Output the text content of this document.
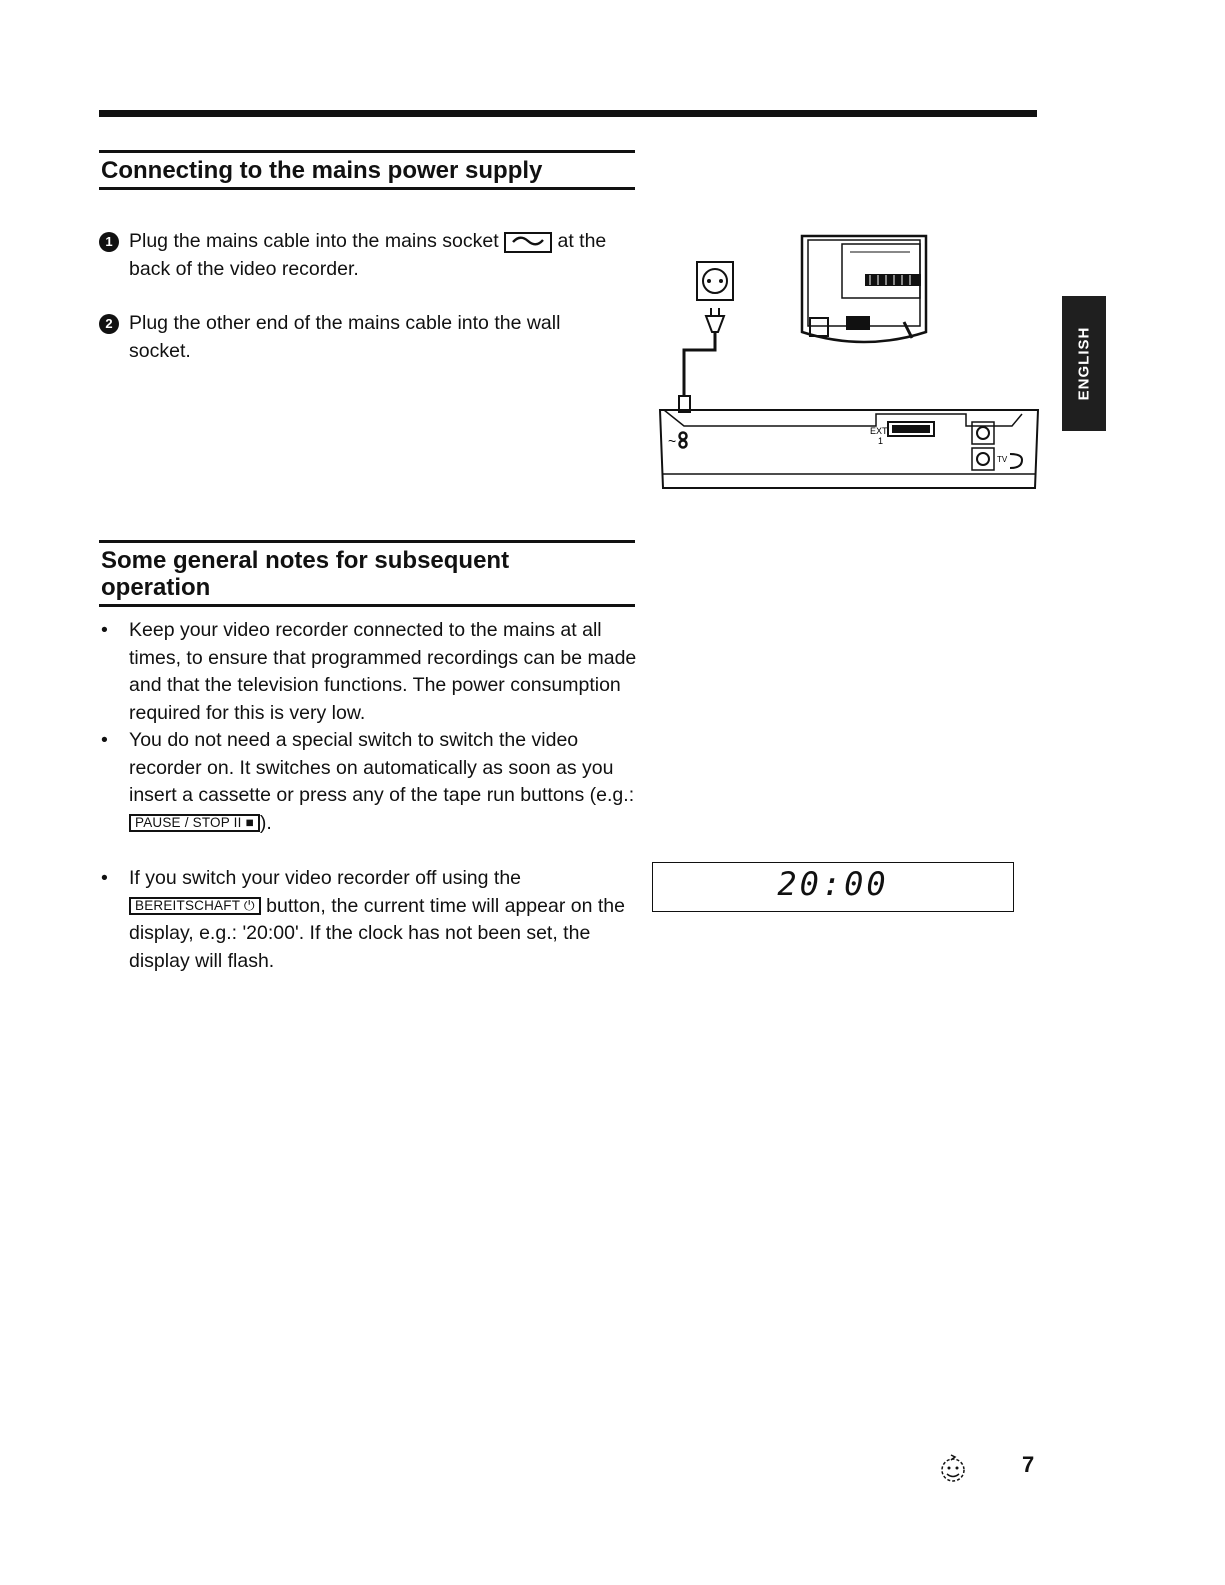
Connecting to the mains power supply
1 Plug the mains cable into the mains socket	at the back of the video recorder.
2 Plug the other end of the mains cable into the wall socket.
~
EXT
1
TV
ENGLISH
Some general notes for subsequent operation
• Keep your video recorder connected to the mains at all times, to ensure that programmed recordings can be made and that the television functions. The power consumption required for this is very low.
• You do not need a special switch to switch the video recorder on. It switches on automatically as soon as you insert a cassette or press any of the tape run buttons (e.g.: PAUSE / STOP II ■ ).
• If you switch your video recorder off using the BEREITSCHAFT ⏻ button, the current time will appear on the display, e.g.: '20:00'. If the clock has not been set, the display will flash.
20:00
7
